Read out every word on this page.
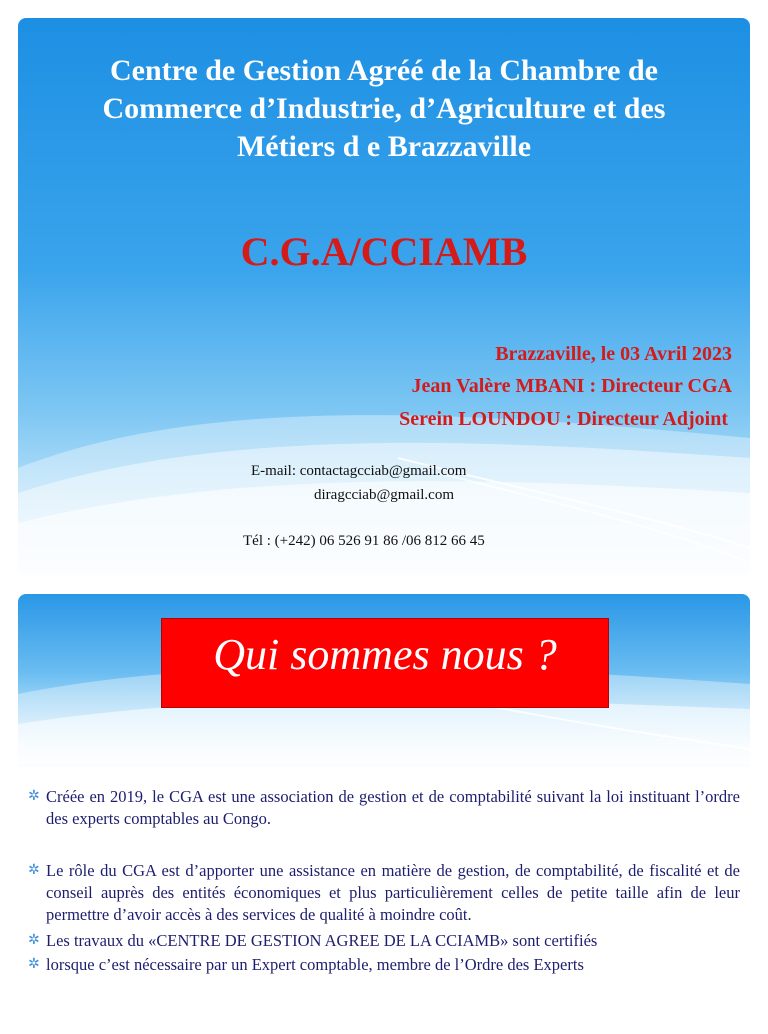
Centre de Gestion Agréé de la Chambre de
Commerce d’Industrie, d’Agriculture et des
Métiers d e Brazzaville
C.G.A/CCIAMB
Brazzaville, le 03 Avril 2023
Jean Valère MBANI : Directeur CGA
Serein LOUNDOU : Directeur Adjoint
E-mail: contactagcciab@gmail.com
diragcciab@gmail.com
Tél : (+242) 06 526 91 86 /06 812 66 45
Qui sommes nous ?
✲ Créée en 2019, le CGA est une association de gestion et de comptabilité suivant la loi instituant l’ordre des experts comptables au Congo.
✲ Le rôle du CGA est d’apporter une assistance en matière de gestion, de comptabilité, de fiscalité et de conseil auprès des entités économiques et plus particulièrement celles de petite taille afin de leur permettre d’avoir accès à des services de qualité à moindre coût.
✲ Les travaux du «CENTRE DE GESTION AGREE DE LA CCIAMB» sont certifiés
✲ lorsque c’est nécessaire par un Expert comptable, membre de l’Ordre des Experts
